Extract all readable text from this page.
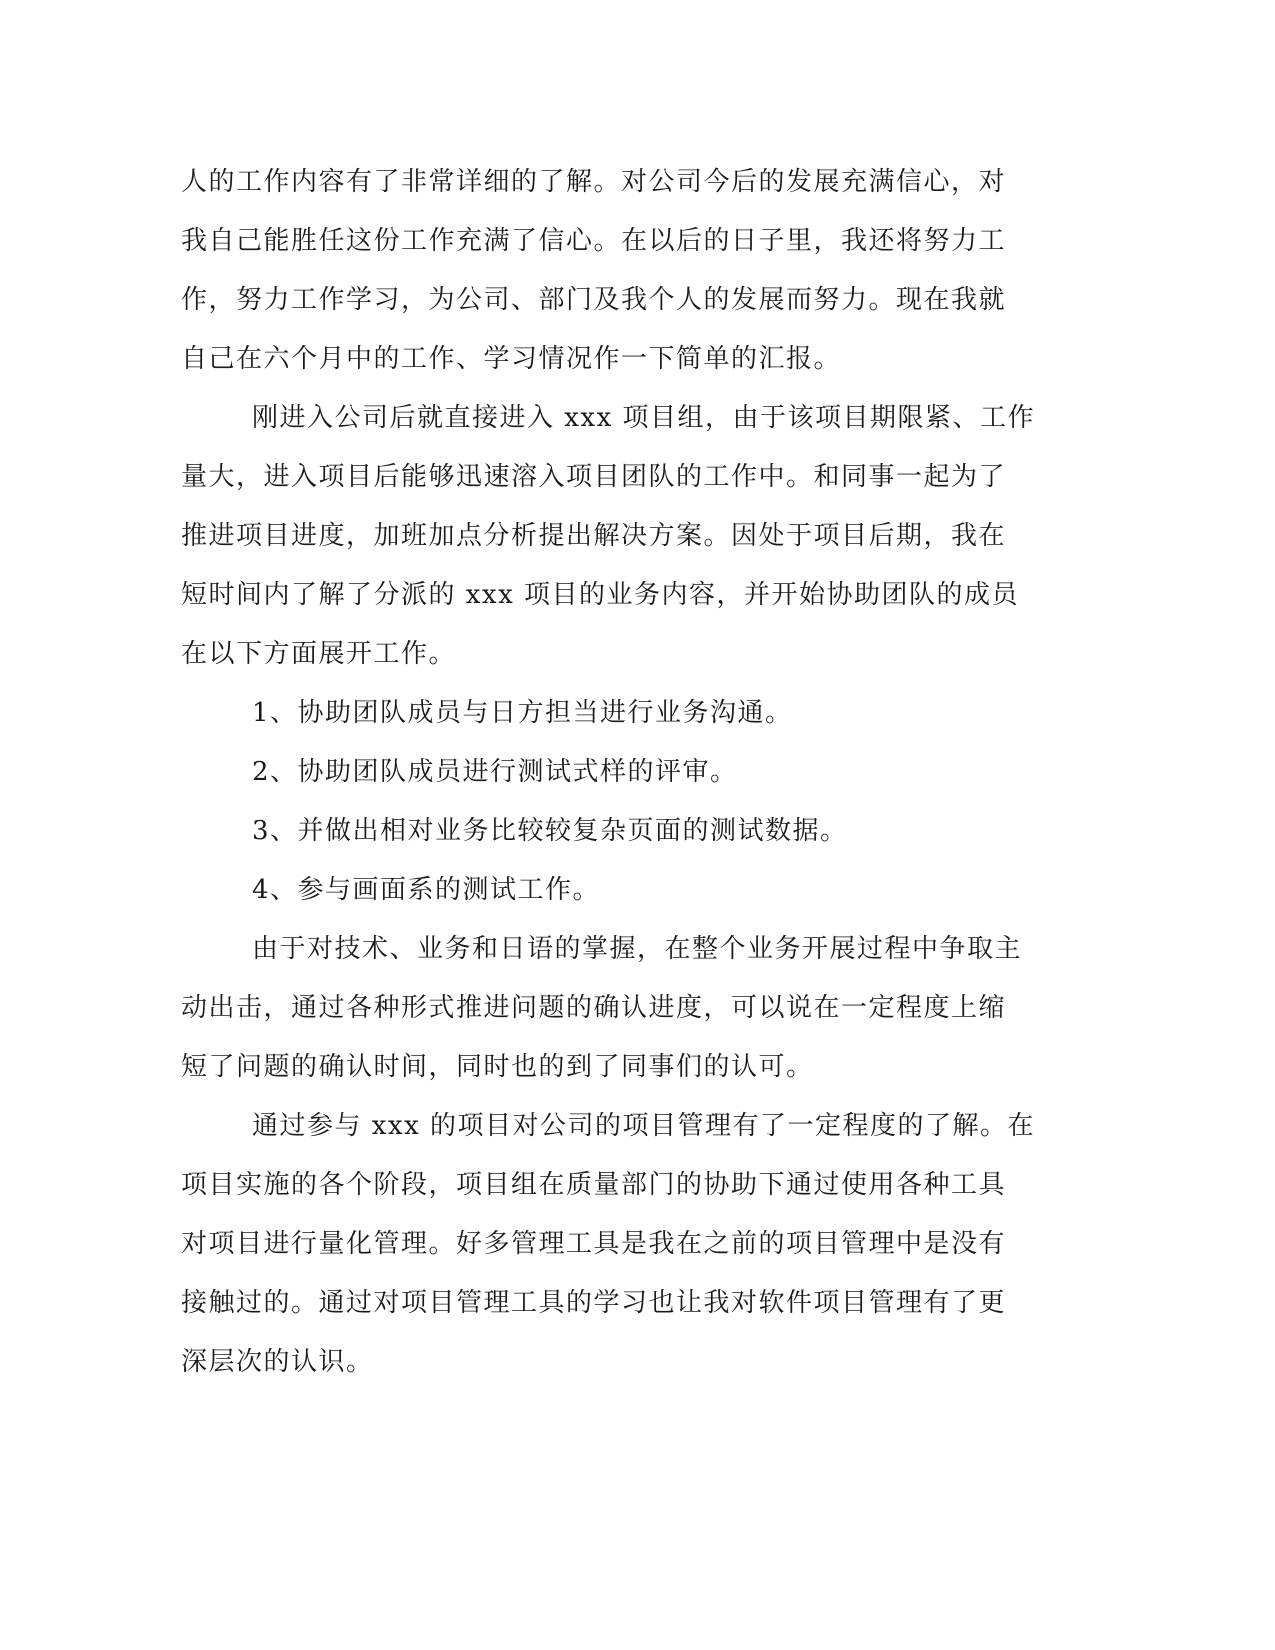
人的工作内容有了非常详细的了解。对公司今后的发展充满信心，对
我自己能胜任这份工作充满了信心。在以后的日子里，我还将努力工
作，努力工作学习，为公司、部门及我个人的发展而努力。现在我就
自己在六个月中的工作、学习情况作一下简单的汇报。
刚进入公司后就直接进入 xxx 项目组，由于该项目期限紧、工作
量大，进入项目后能够迅速溶入项目团队的工作中。和同事一起为了
推进项目进度，加班加点分析提出解决方案。因处于项目后期，我在
短时间内了解了分派的 xxx 项目的业务内容，并开始协助团队的成员
在以下方面展开工作。
1、协助团队成员与日方担当进行业务沟通。
2、协助团队成员进行测试式样的评审。
3、并做出相对业务比较较复杂页面的测试数据。
4、参与画面系的测试工作。
由于对技术、业务和日语的掌握，在整个业务开展过程中争取主
动出击，通过各种形式推进问题的确认进度，可以说在一定程度上缩
短了问题的确认时间，同时也的到了同事们的认可。
通过参与 xxx 的项目对公司的项目管理有了一定程度的了解。在
项目实施的各个阶段，项目组在质量部门的协助下通过使用各种工具
对项目进行量化管理。好多管理工具是我在之前的项目管理中是没有
接触过的。通过对项目管理工具的学习也让我对软件项目管理有了更
深层次的认识。
